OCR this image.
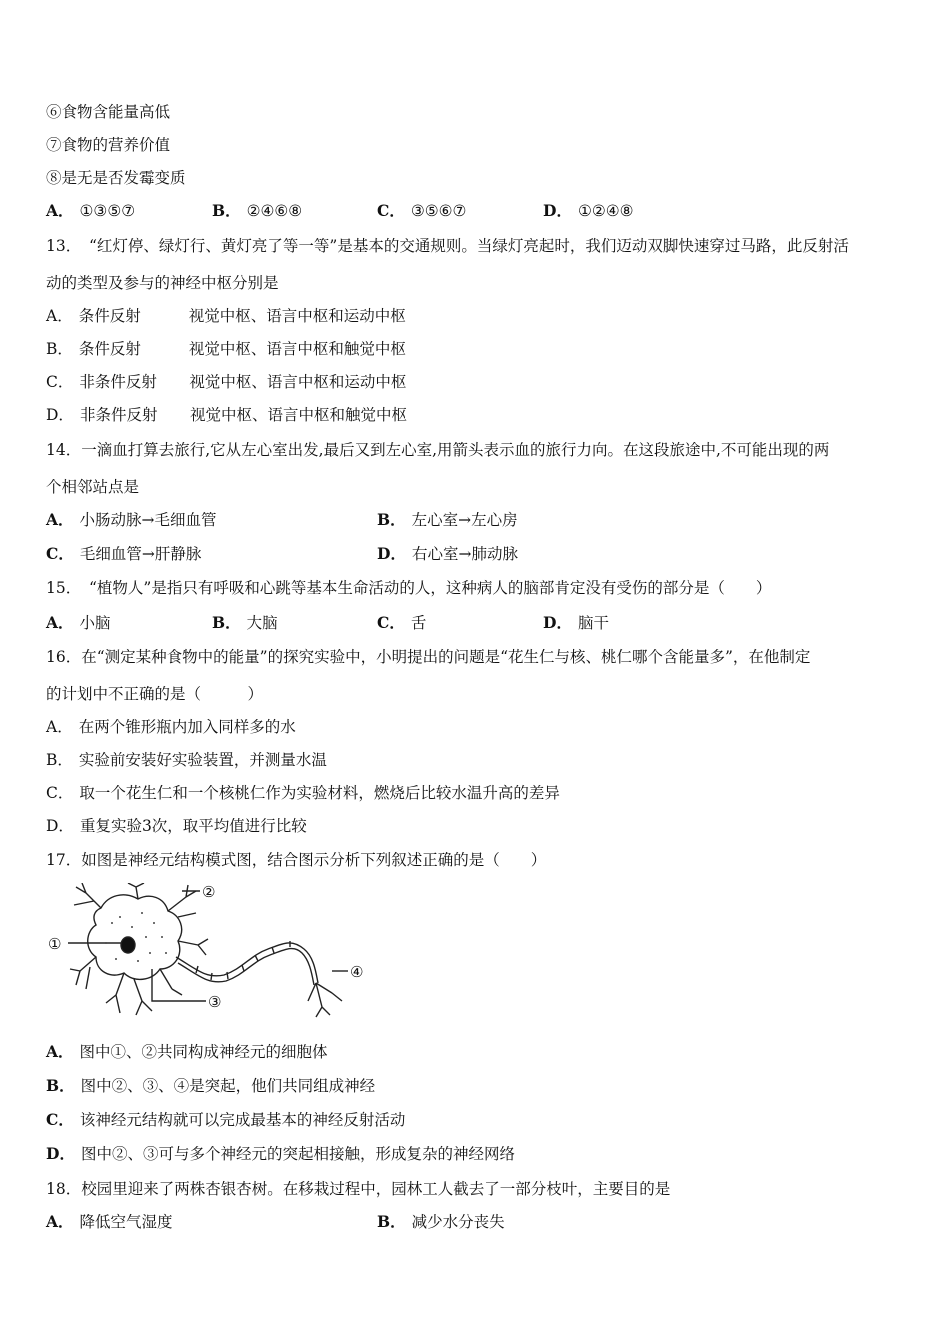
⑥食物含能量高低
⑦食物的营养价值
⑧是无是否发霉变质
A． ①③⑤⑦	B． ②④⑥⑧	C． ③⑤⑥⑦	D． ①②④⑧
13．　“红灯停、绿灯行、黄灯亮了等一等”是基本的交通规则。当绿灯亮起时，我们迈动双脚快速穿过马路，此反射活
动的类型及参与的神经中枢分别是
A． 条件反射	视觉中枢、语言中枢和运动中枢
B． 条件反射	视觉中枢、语言中枢和触觉中枢
C． 非条件反射 视觉中枢、语言中枢和运动中枢
D． 非条件反射 视觉中枢、语言中枢和触觉中枢
14．一滴血打算去旅行,它从左心室出发,最后又到左心室,用箭头表示血的旅行力向。在这段旅途中,不可能出现的两
个相邻站点是
A． 小肠动脉→毛细血管	B． 左心室→左心房
C． 毛细血管→肝静脉	D． 右心室→肺动脉
15．　“植物人”是指只有呼吸和心跳等基本生命活动的人，这种病人的脑部肯定没有受伤的部分是（　　）
A． 小脑	B． 大脑	C． 舌	D． 脑干
16．在“测定某种食物中的能量”的探究实验中，小明提出的问题是“花生仁与核、桃仁哪个含能量多”，在他制定
的计划中不正确的是（　　　）
A． 在两个锥形瓶内加入同样多的水
B． 实验前安装好实验装置，并测量水温
C． 取一个花生仁和一个核桃仁作为实验材料，燃烧后比较水温升高的差异
D． 重复实验3次，取平均值进行比较
17．如图是神经元结构模式图，结合图示分析下列叙述正确的是（　　）
①
②
③
④
A． 图中①、②共同构成神经元的细胞体
B． 图中②、③、④是突起，他们共同组成神经
C． 该神经元结构就可以完成最基本的神经反射活动
D． 图中②、③可与多个神经元的突起相接触，形成复杂的神经网络
18．校园里迎来了两株杏银杏树。在移栽过程中，园林工人截去了一部分枝叶，主要目的是
A． 降低空气湿度	B． 减少水分丧失
